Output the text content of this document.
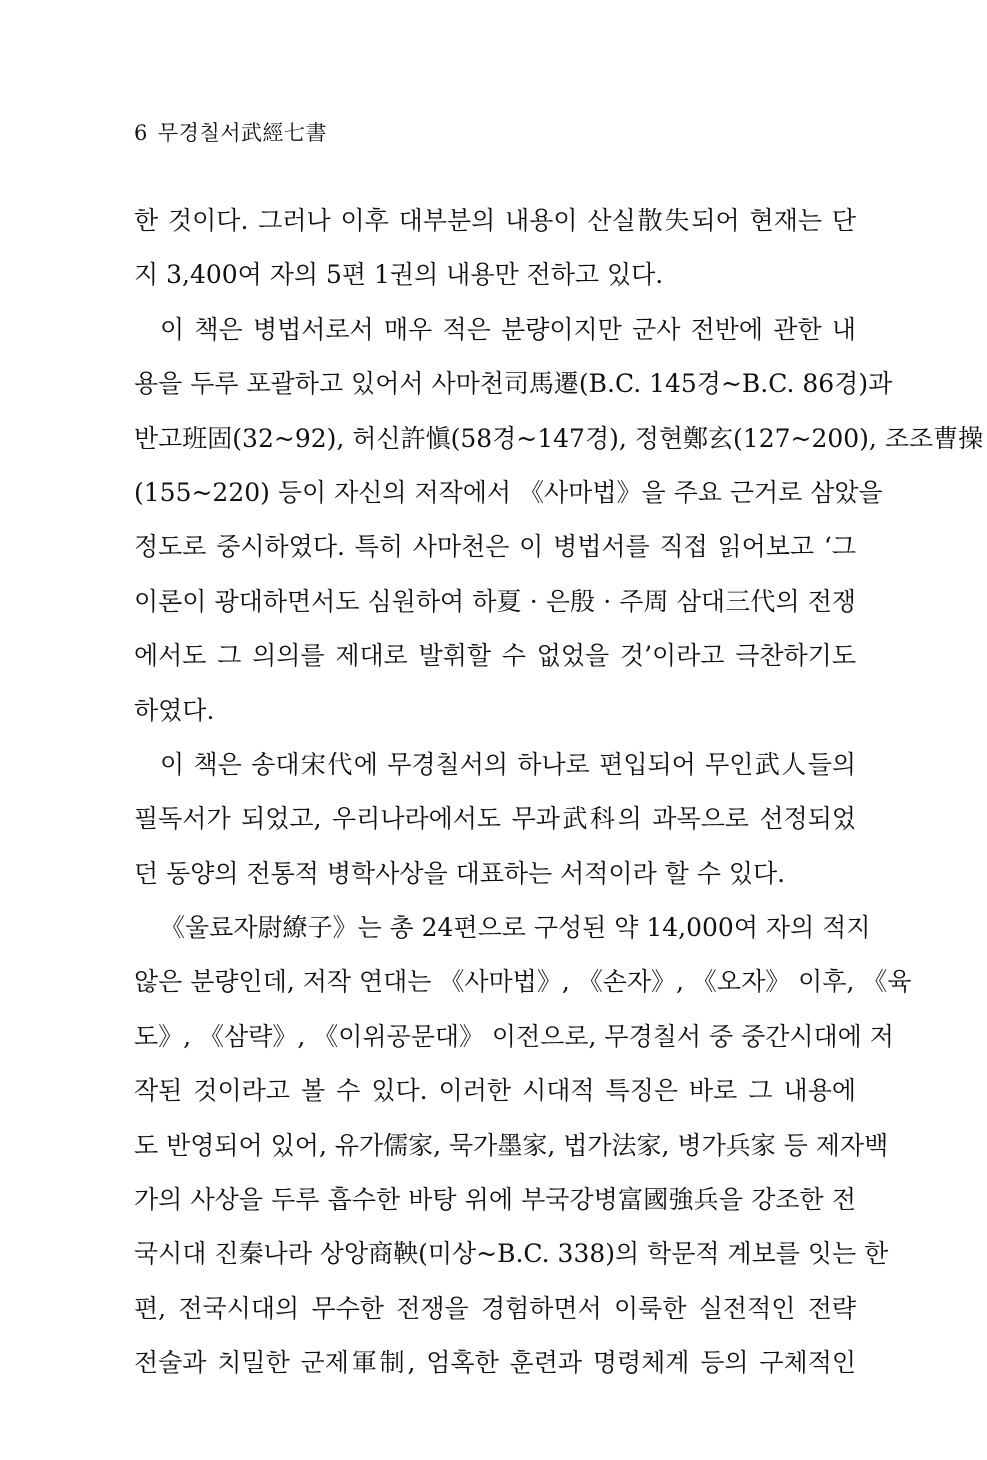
6 무경칠서武經七書
한 것이다. 그러나 이후 대부분의 내용이 산실散失되어 현재는 단
지 3,400여 자의 5편 1권의 내용만 전하고 있다.
이 책은 병법서로서 매우 적은 분량이지만 군사 전반에 관한 내
용을 두루 포괄하고 있어서 사마천司馬遷(B.C. 145경~B.C. 86경)과
반고班固(32~92), 허신許愼(58경~147경), 정현鄭玄(127~200), 조조曹操
(155~220) 등이 자신의 저작에서 《사마법》을 주요 근거로 삼았을
정도로 중시하였다. 특히 사마천은 이 병법서를 직접 읽어보고 ‘그
이론이 광대하면서도 심원하여 하夏 · 은殷 · 주周 삼대三代의 전쟁
에서도 그 의의를 제대로 발휘할 수 없었을 것’이라고 극찬하기도
하였다.
이 책은 송대宋代에 무경칠서의 하나로 편입되어 무인武人들의
필독서가 되었고, 우리나라에서도 무과武科의 과목으로 선정되었
던 동양의 전통적 병학사상을 대표하는 서적이라 할 수 있다.
《울료자尉繚子》는 총 24편으로 구성된 약 14,000여 자의 적지
않은 분량인데, 저작 연대는 《사마법》, 《손자》, 《오자》 이후, 《육
도》, 《삼략》, 《이위공문대》 이전으로, 무경칠서 중 중간시대에 저
작된 것이라고 볼 수 있다. 이러한 시대적 특징은 바로 그 내용에
도 반영되어 있어, 유가儒家, 묵가墨家, 법가法家, 병가兵家 등 제자백
가의 사상을 두루 흡수한 바탕 위에 부국강병富國強兵을 강조한 전
국시대 진秦나라 상앙商鞅(미상~B.C. 338)의 학문적 계보를 잇는 한
편, 전국시대의 무수한 전쟁을 경험하면서 이룩한 실전적인 전략
전술과 치밀한 군제軍制, 엄혹한 훈련과 명령체계 등의 구체적인
